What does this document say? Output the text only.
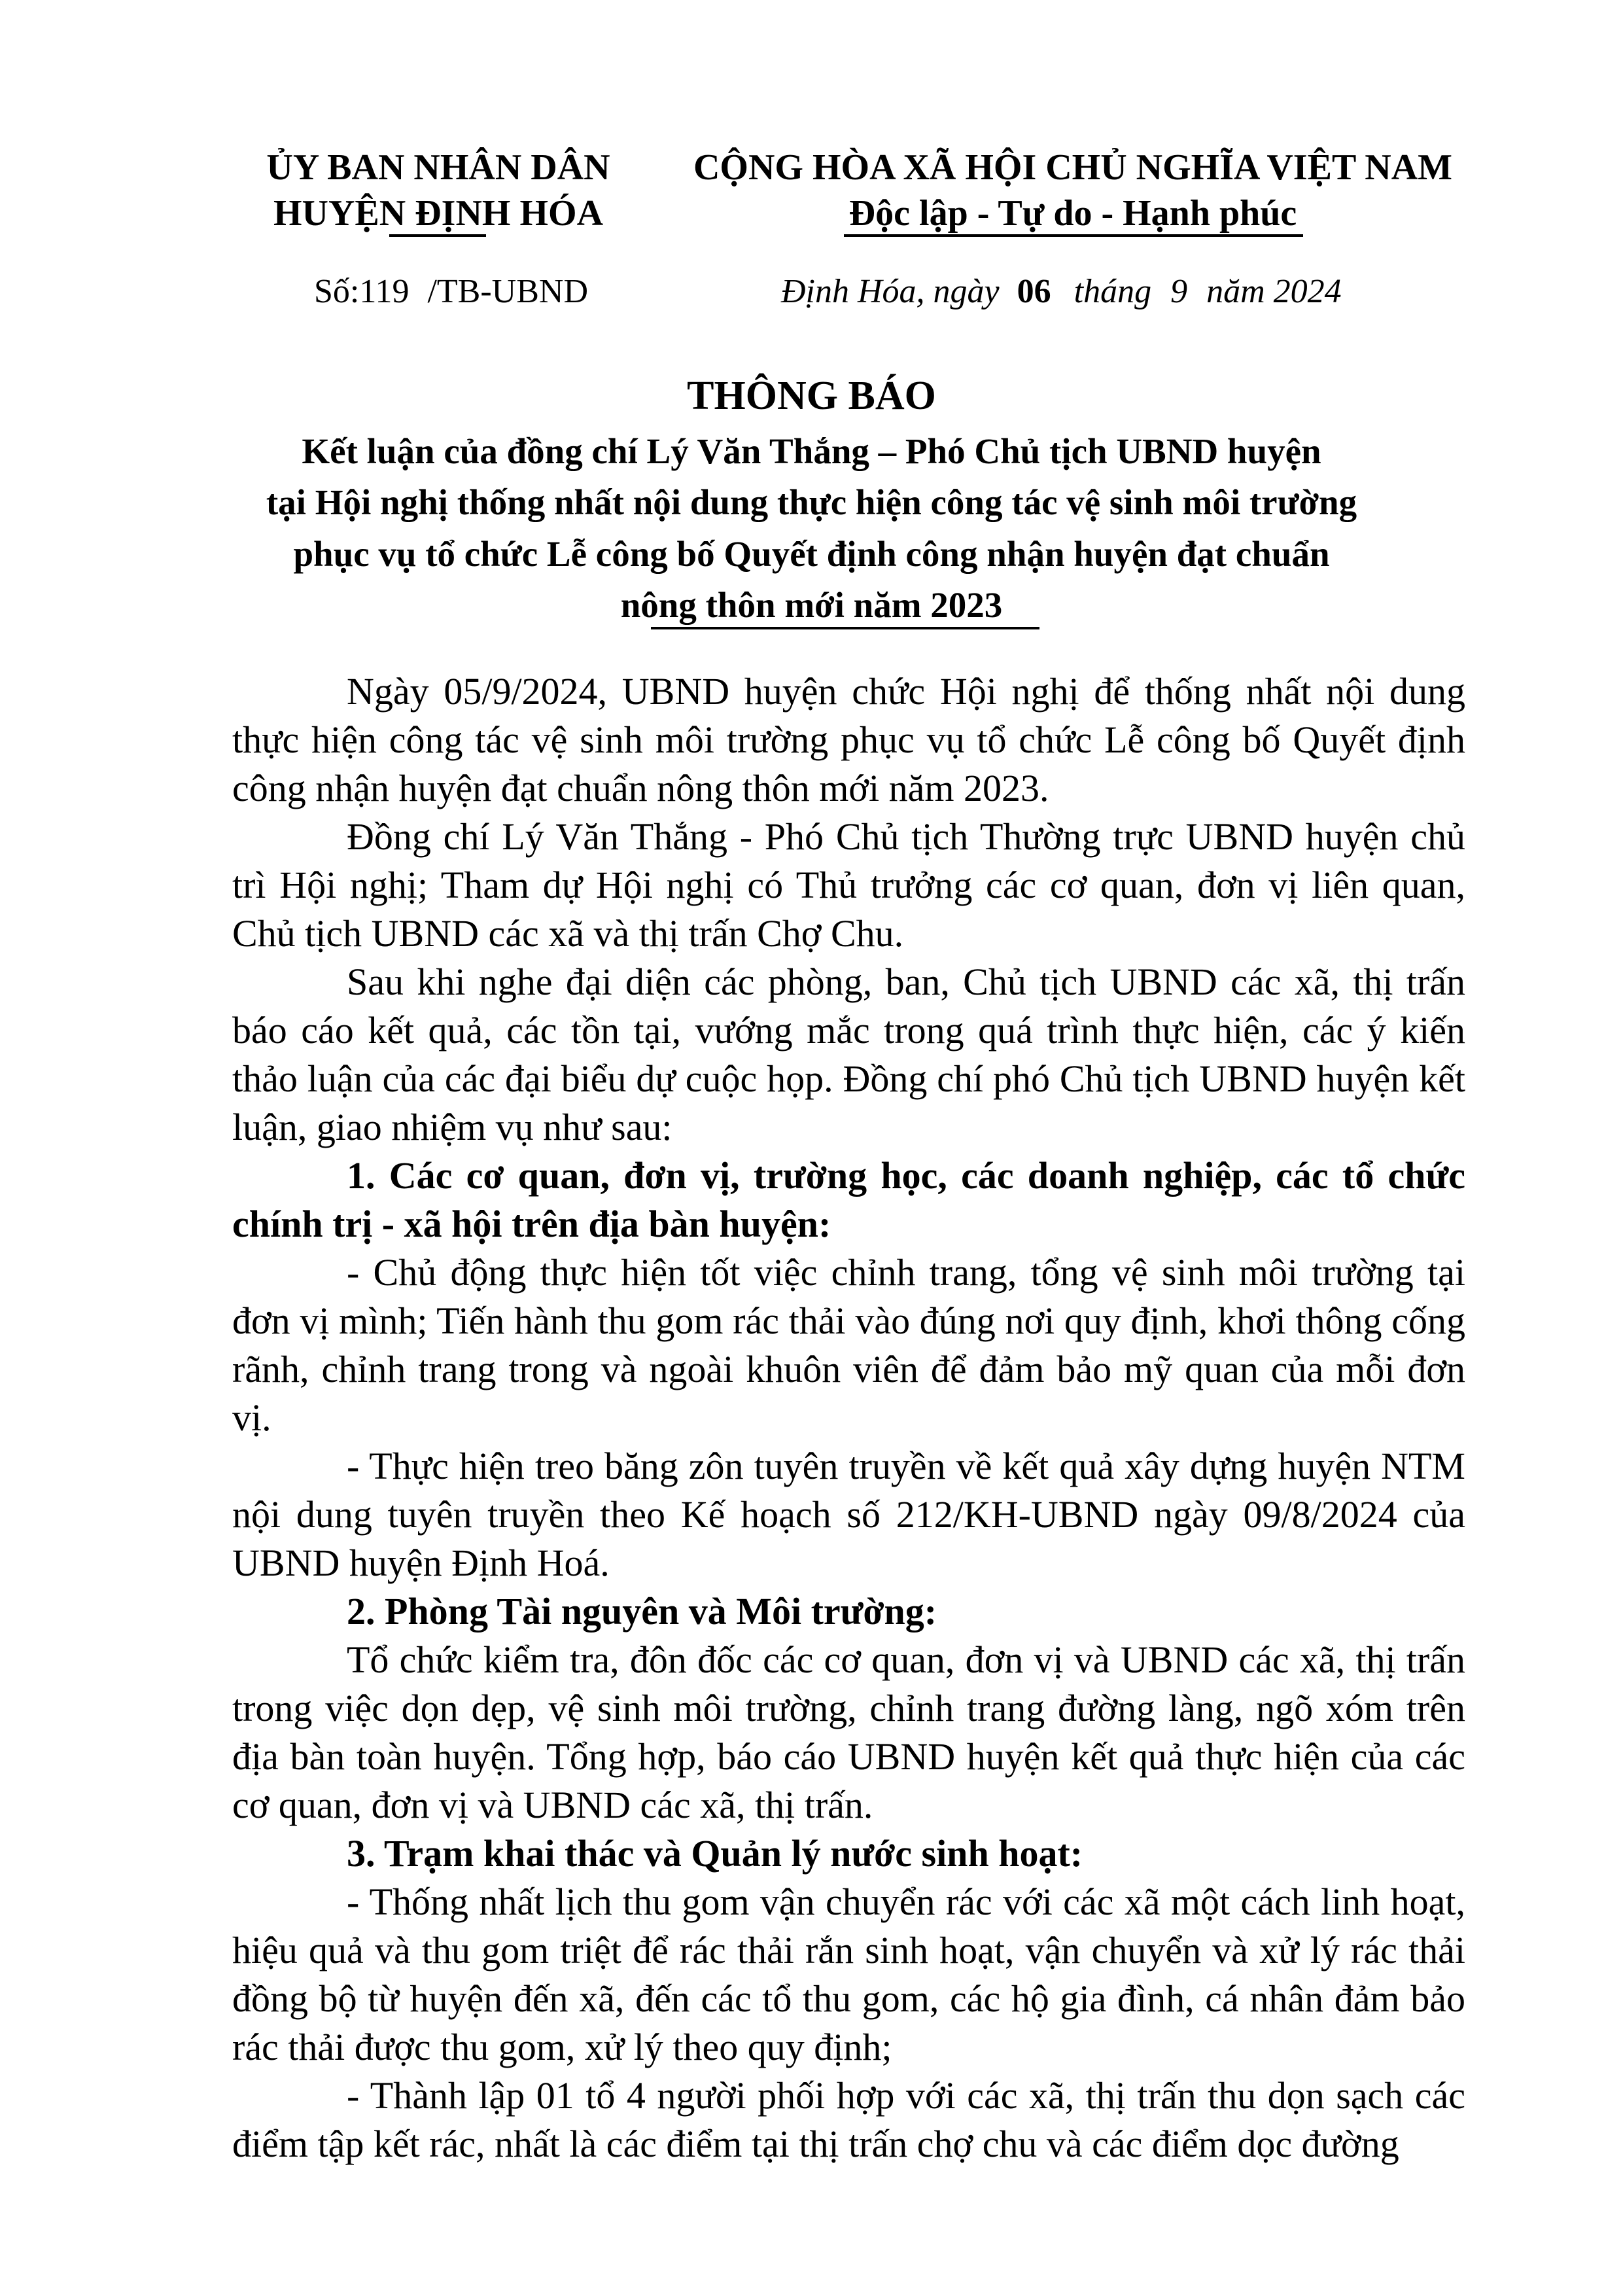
ỦY BAN NHÂN DÂN
HUYỆN ĐỊNH HÓA
CỘNG HÒA XÃ HỘI CHỦ NGHĨA VIỆT NAM
Độc lập - Tự do - Hạnh phúc
Số:119 /TB-UBND	Định Hóa, ngày 06 tháng 9 năm 2024
THÔNG BÁO
Kết luận của đồng chí Lý Văn Thắng – Phó Chủ tịch UBND huyện
tại Hội nghị thống nhất nội dung thực hiện công tác vệ sinh môi trường
phục vụ tổ chức Lễ công bố Quyết định công nhận huyện đạt chuẩn
nông thôn mới năm 2023

Ngày 05/9/2024, UBND huyện chức Hội nghị để thống nhất nội dung thực hiện công tác vệ sinh môi trường phục vụ tổ chức Lễ công bố Quyết định công nhận huyện đạt chuẩn nông thôn mới năm 2023.

Đồng chí Lý Văn Thắng - Phó Chủ tịch Thường trực UBND huyện chủ trì Hội nghị; Tham dự Hội nghị có Thủ trưởng các cơ quan, đơn vị liên quan, Chủ tịch UBND các xã và thị trấn Chợ Chu.

Sau khi nghe đại diện các phòng, ban, Chủ tịch UBND các xã, thị trấn báo cáo kết quả, các tồn tại, vướng mắc trong quá trình thực hiện, các ý kiến thảo luận của các đại biểu dự cuộc họp. Đồng chí phó Chủ tịch UBND huyện kết luận, giao nhiệm vụ như sau:

1. Các cơ quan, đơn vị, trường học, các doanh nghiệp, các tổ chức chính trị - xã hội trên địa bàn huyện:

- Chủ động thực hiện tốt việc chỉnh trang, tổng vệ sinh môi trường tại đơn vị mình; Tiến hành thu gom rác thải vào đúng nơi quy định, khơi thông cống rãnh, chỉnh trang trong và ngoài khuôn viên để đảm bảo mỹ quan của mỗi đơn vị.

- Thực hiện treo băng zôn tuyên truyền về kết quả xây dựng huyện NTM nội dung tuyên truyền theo Kế hoạch số 212/KH-UBND ngày 09/8/2024 của UBND huyện Định Hoá.

2. Phòng Tài nguyên và Môi trường:

Tổ chức kiểm tra, đôn đốc các cơ quan, đơn vị và UBND các xã, thị trấn trong việc dọn dẹp, vệ sinh môi trường, chỉnh trang đường làng, ngõ xóm trên địa bàn toàn huyện. Tổng hợp, báo cáo UBND huyện kết quả thực hiện của các cơ quan, đơn vị và UBND các xã, thị trấn.

3. Trạm khai thác và Quản lý nước sinh hoạt:

- Thống nhất lịch thu gom vận chuyển rác với các xã một cách linh hoạt, hiệu quả và thu gom triệt để rác thải rắn sinh hoạt, vận chuyển và xử lý rác thải đồng bộ từ huyện đến xã, đến các tổ thu gom, các hộ gia đình, cá nhân đảm bảo rác thải được thu gom, xử lý theo quy định;

- Thành lập 01 tổ 4 người phối hợp với các xã, thị trấn thu dọn sạch các điểm tập kết rác, nhất là các điểm tại thị trấn chợ chu và các điểm dọc đường
